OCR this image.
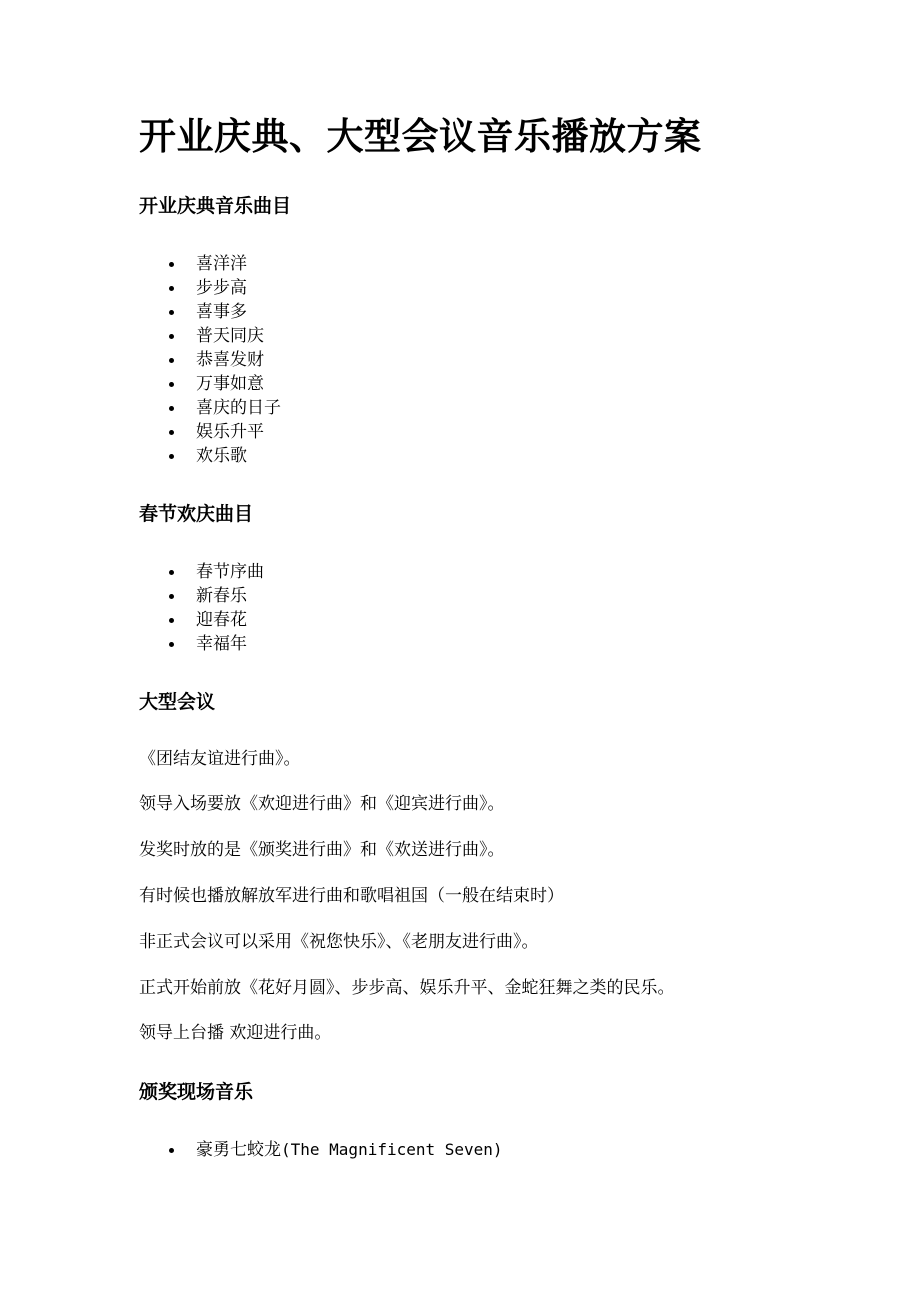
开业庆典、大型会议音乐播放方案
开业庆典音乐曲目
喜洋洋
步步高
喜事多
普天同庆
恭喜发财
万事如意
喜庆的日子
娱乐升平
欢乐歌
春节欢庆曲目
春节序曲
新春乐
迎春花
幸福年
大型会议

《团结友谊进行曲》。

领导入场要放《欢迎进行曲》和《迎宾进行曲》。

发奖时放的是《颁奖进行曲》和《欢送进行曲》。

有时候也播放解放军进行曲和歌唱祖国（一般在结束时）

非正式会议可以采用《祝您快乐》、《老朋友进行曲》。

正式开始前放《花好月圆》、步步高、娱乐升平、金蛇狂舞之类的民乐。

领导上台播 欢迎进行曲。

颁奖现场音乐
豪勇七蛟龙(The Magnificent Seven)
